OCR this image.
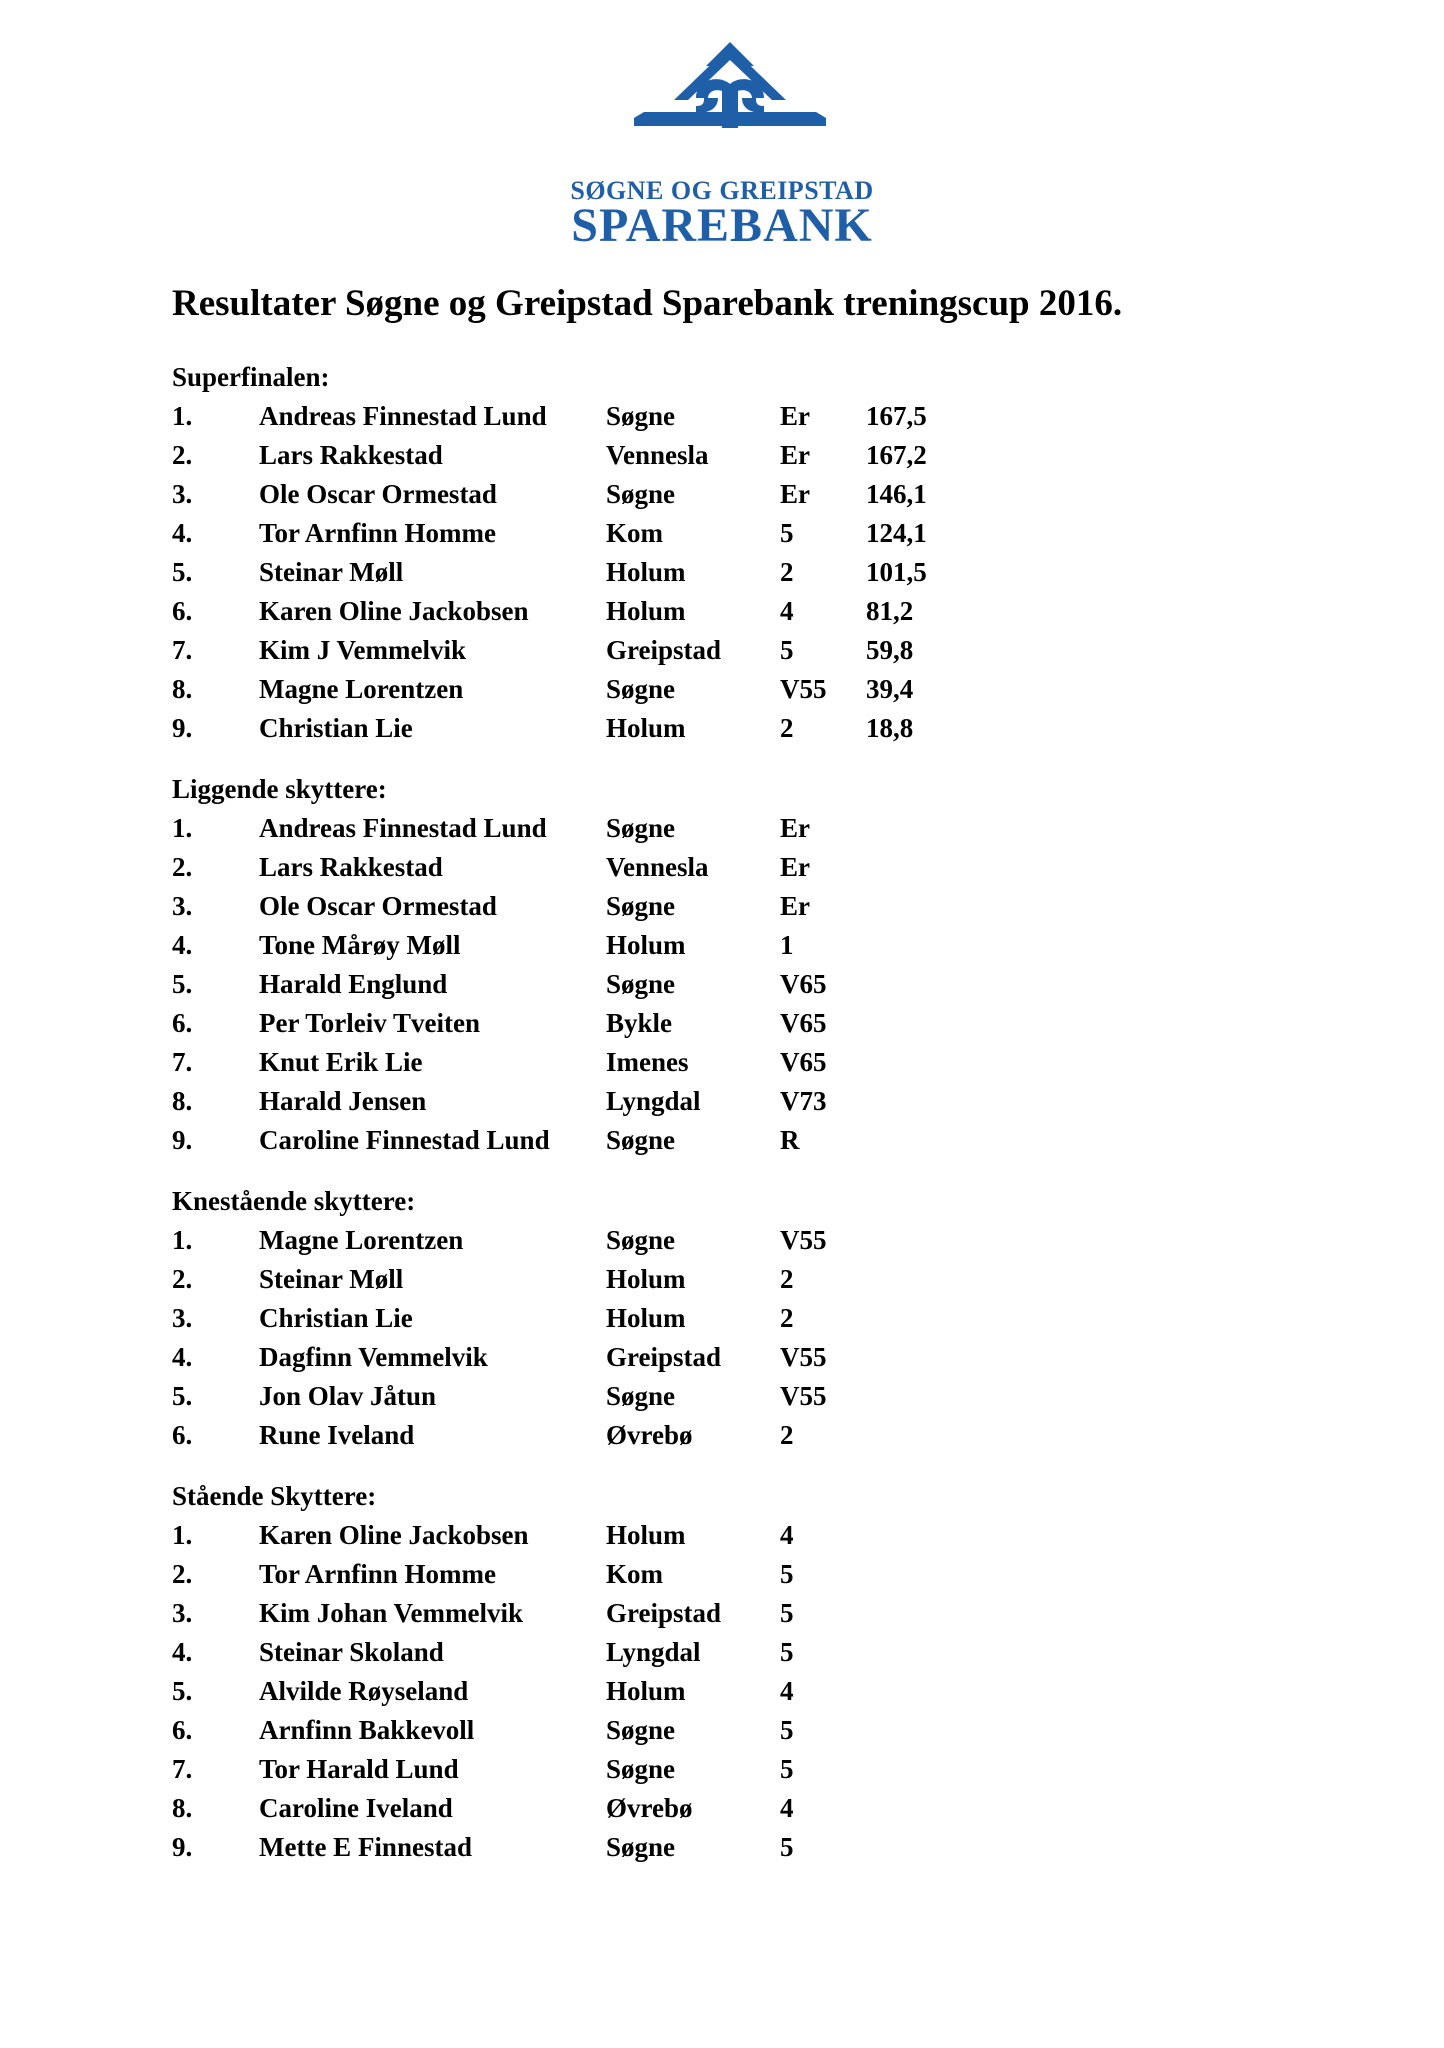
SØGNE OG GREIPSTAD
SPAREBANK
Resultater Søgne og Greipstad Sparebank treningscup 2016.
Superfinalen:
1.	Andreas Finnestad Lund	Søgne	Er	167,5
2.	Lars Rakkestad	Vennesla	Er	167,2
3.	Ole Oscar Ormestad	Søgne	Er	146,1
4.	Tor Arnfinn Homme	Kom	5	124,1
5.	Steinar Møll	Holum	2	101,5
6.	Karen Oline Jackobsen	Holum	4	81,2
7.	Kim J Vemmelvik	Greipstad	5	59,8
8.	Magne Lorentzen	Søgne	V55	39,4
9.	Christian Lie	Holum	2	18,8
Liggende skyttere:
1.	Andreas Finnestad Lund	Søgne	Er
2.	Lars Rakkestad	Vennesla	Er
3.	Ole Oscar Ormestad	Søgne	Er
4.	Tone Mårøy Møll	Holum	1
5.	Harald Englund	Søgne	V65
6.	Per Torleiv Tveiten	Bykle	V65
7.	Knut Erik Lie	Imenes	V65
8.	Harald Jensen	Lyngdal	V73
9.	Caroline Finnestad Lund	Søgne	R
Knestående skyttere:
1.	Magne Lorentzen	Søgne	V55
2.	Steinar Møll	Holum	2
3.	Christian Lie	Holum	2
4.	Dagfinn Vemmelvik	Greipstad	V55
5.	Jon Olav Jåtun	Søgne	V55
6.	Rune Iveland	Øvrebø	2
Stående Skyttere:
1.	Karen Oline Jackobsen	Holum	4
2.	Tor Arnfinn Homme	Kom	5
3.	Kim Johan Vemmelvik	Greipstad	5
4.	Steinar Skoland	Lyngdal	5
5.	Alvilde Røyseland	Holum	4
6.	Arnfinn Bakkevoll	Søgne	5
7.	Tor Harald Lund	Søgne	5
8.	Caroline Iveland	Øvrebø	4
9.	Mette E Finnestad	Søgne	5
